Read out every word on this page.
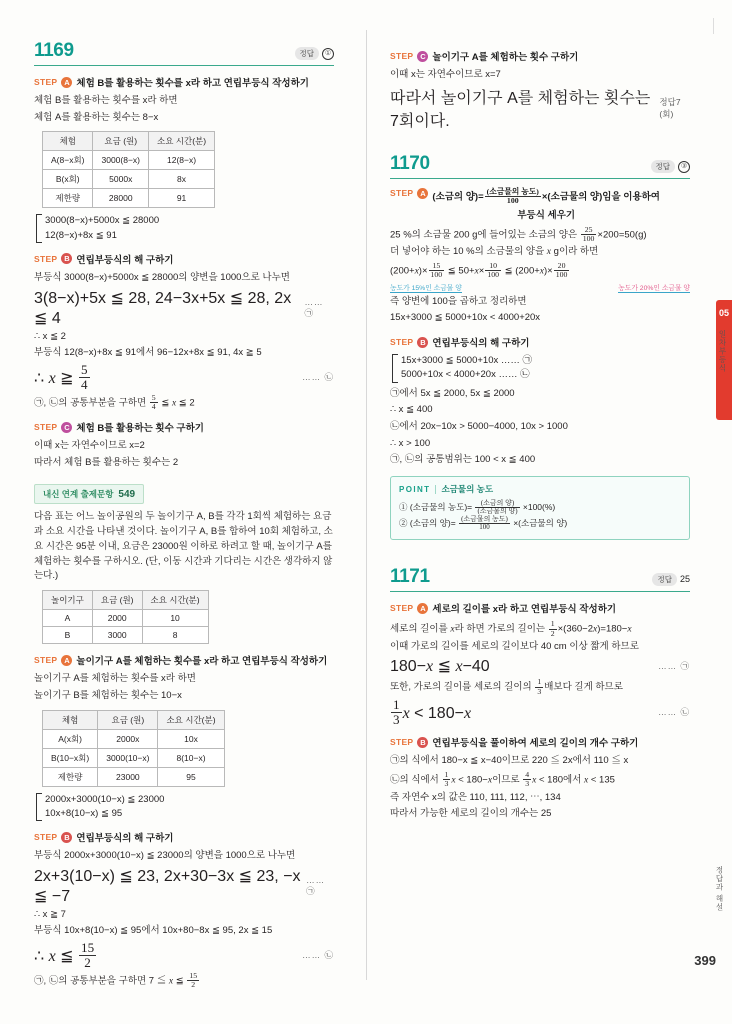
1169	정답 ①
STEP A 체험 B를 활용하는 횟수를 x라 하고 연립부등식 작성하기

체험 B를 활용하는 횟수를 x라 하면

체험 A를 활용하는 횟수는 8−x

체험	요금 (원)	소요 시간(분)
A(8−x회)	3000(8−x)	12(8−x)
B(x회)	5000x	8x
제한량	28000	91
3000(8−x)+5000x ≦ 28000
12(8−x)+8x ≦ 91
STEP B 연립부등식의 해 구하기

부등식 3000(8−x)+5000x ≦ 28000의 양변을 1000으로 나누면

3(8−x)+5x ≦ 28, 24−3x+5x ≦ 28, 2x ≦ 4
…… ㉠

∴ x ≦ 2

부등식 12(8−x)+8x ≦ 91에서 96−12x+8x ≦ 91, 4x ≧ 5

∴ x ≧ $\frac{5}{4}$	…… ㉡

㉠, ㉡의 공통부분을 구하면 $\frac{5}{4}$ ≦ x ≦ 2

STEP C 체험 B를 활용하는 횟수 구하기

이때 x는 자연수이므로 x=2

따라서 체험 B를 활용하는 횟수는 2

내신 연계 출제문항 549
다음 표는 어느 놀이공원의 두 놀이기구 A, B를 각각 1회씩 체험하는 요금과 소요 시간을 나타낸 것이다. 놀이기구 A, B를 합하여 10회 체험하고, 소요 시간은 95분 이내, 요금은 23000원 이하로 하려고 할 때, 놀이기구 A를 체험하는 횟수를 구하시오. (단, 이동 시간과 기다리는 시간은 생각하지 않는다.)
놀이기구	요금 (원)	소요 시간(분)
A	2000	10
B	3000	8
STEP A 놀이기구 A를 체험하는 횟수를 x라 하고 연립부등식 작성하기

놀이기구 A를 체험하는 횟수를 x라 하면

놀이기구 B를 체험하는 횟수는 10−x

체험	요금 (원)	소요 시간(분)
A(x회)	2000x	10x
B(10−x회)	3000(10−x)	8(10−x)
제한량	23000	95
2000x+3000(10−x) ≦ 23000
10x+8(10−x) ≦ 95
STEP B 연립부등식의 해 구하기

부등식 2000x+3000(10−x) ≦ 23000의 양변을 1000으로 나누면

2x+3(10−x) ≦ 23, 2x+30−3x ≦ 23, −x ≦ −7
…… ㉠

∴ x ≧ 7

부등식 10x+8(10−x) ≦ 95에서 10x+80−8x ≦ 95, 2x ≦ 15

∴ x ≦ $\frac{15}{2}$	…… ㉡

㉠, ㉡의 공통부분을 구하면 7 ≦ x ≦ $\frac{15}{2}$

STEP C 놀이기구 A를 체험하는 횟수 구하기

이때 x는 자연수이므로 x=7

따라서 놀이기구 A를 체험하는 횟수는 7회이다.
정답7 (회)
1170	정답 ③
STEP A (소금의 양)= $\frac{\text{(소금물의 농도)}}{100}$ ×(소금물의 양)임을 이용하여
부등식 세우기

25 %의 소금물 200 g에 들어있는 소금의 양은 $\frac{25}{100} \times 200=50(g)$

더 넣어야 하는 10 %의 소금물의 양을 x g이라 하면

$(200+x)\times \frac{15}{100}$ ≦ $50+x\times \frac{10}{100}$ ≦ $(200+x)\times \frac{20}{100}$

농도가 15%인 소금물 양	농도가 20%인 소금물 양

즉 양변에 100을 곱하고 정리하면

15x+3000 ≦ 5000+10x < 4000+20x

STEP B 연립부등식의 해 구하기
15x+3000 ≦ 5000+10x …… ㉠
5000+10x < 4000+20x …… ㉡

㉠에서 5x ≦ 2000, 5x ≦ 2000

∴ x ≦ 400

㉡에서 20x−10x > 5000−4000, 10x > 1000

∴ x > 100

㉠, ㉡의 공통범위는 100 < x ≦ 400

POINT 소금물의 농도
① (소금물의 농도)= $\frac{\text{(소금의 양)}}{\text{(소금물의 양)}} \times 100(\%)$
② (소금의 양)= $\frac{\text{(소금물의 농도)}}{100}$ ×(소금물의 양)
1171	정답 25
STEP A 세로의 길이를 x라 하고 연립부등식 작성하기

세로의 길이를 x라 하면 가로의 길이는 $\frac{1}{2} \times(360-2x)=180-x$

이때 가로의 길이를 세로의 길이보다 40 cm 이상 짧게 하므로

180−x ≦ x−40	…… ㉠

또한, 가로의 길이를 세로의 길이의 $\frac{1}{3}$ 배보다 길게 하므로

$\frac{1}{3}$ x < 180−x	…… ㉡
STEP B 연립부등식을 풀이하여 세로의 길이의 개수 구하기

㉠의 식에서 180−x ≦ x−40이므로 220 ≦ 2x에서 110 ≦ x

㉡의 식에서 $\frac{1}{3}$ x < 180−x이므로 $\frac{4}{3}$ x < 180에서 x < 135

즉 자연수 x의 값은 110, 111, 112, ⋯, 134

따라서 가능한 세로의 길이의 개수는 25

05
일차부등식
정답과 해설
399
